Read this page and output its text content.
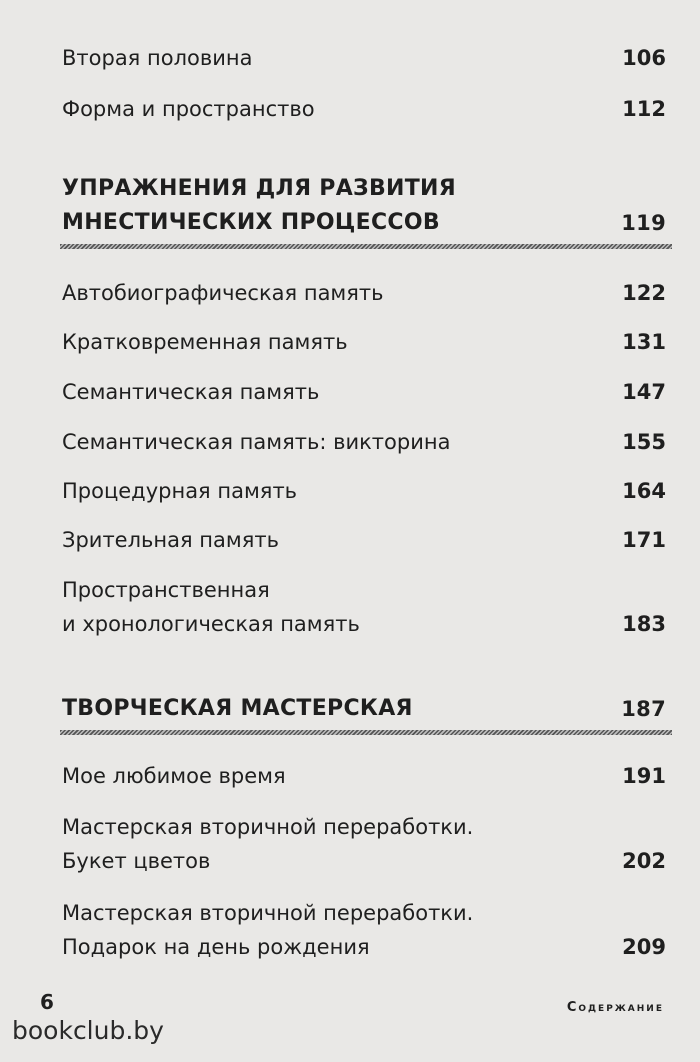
Вторая половина	106
Форма и пространство	112
УПРАЖНЕНИЯ ДЛЯ РАЗВИТИЯ
МНЕСТИЧЕСКИХ ПРОЦЕССОВ	119
Автобиографическая память	122
Кратковременная память	131
Семантическая память	147
Семантическая память: викторина	155
Процедурная память	164
Зрительная память	171
Пространственная
и хронологическая память	183
ТВОРЧЕСКАЯ МАСТЕРСКАЯ	187
Мое любимое время	191
Мастерская вторичной переработки.
Букет цветов	202
Мастерская вторичной переработки.
Подарок на день рождения	209
6	Содержание
bookclub.by
